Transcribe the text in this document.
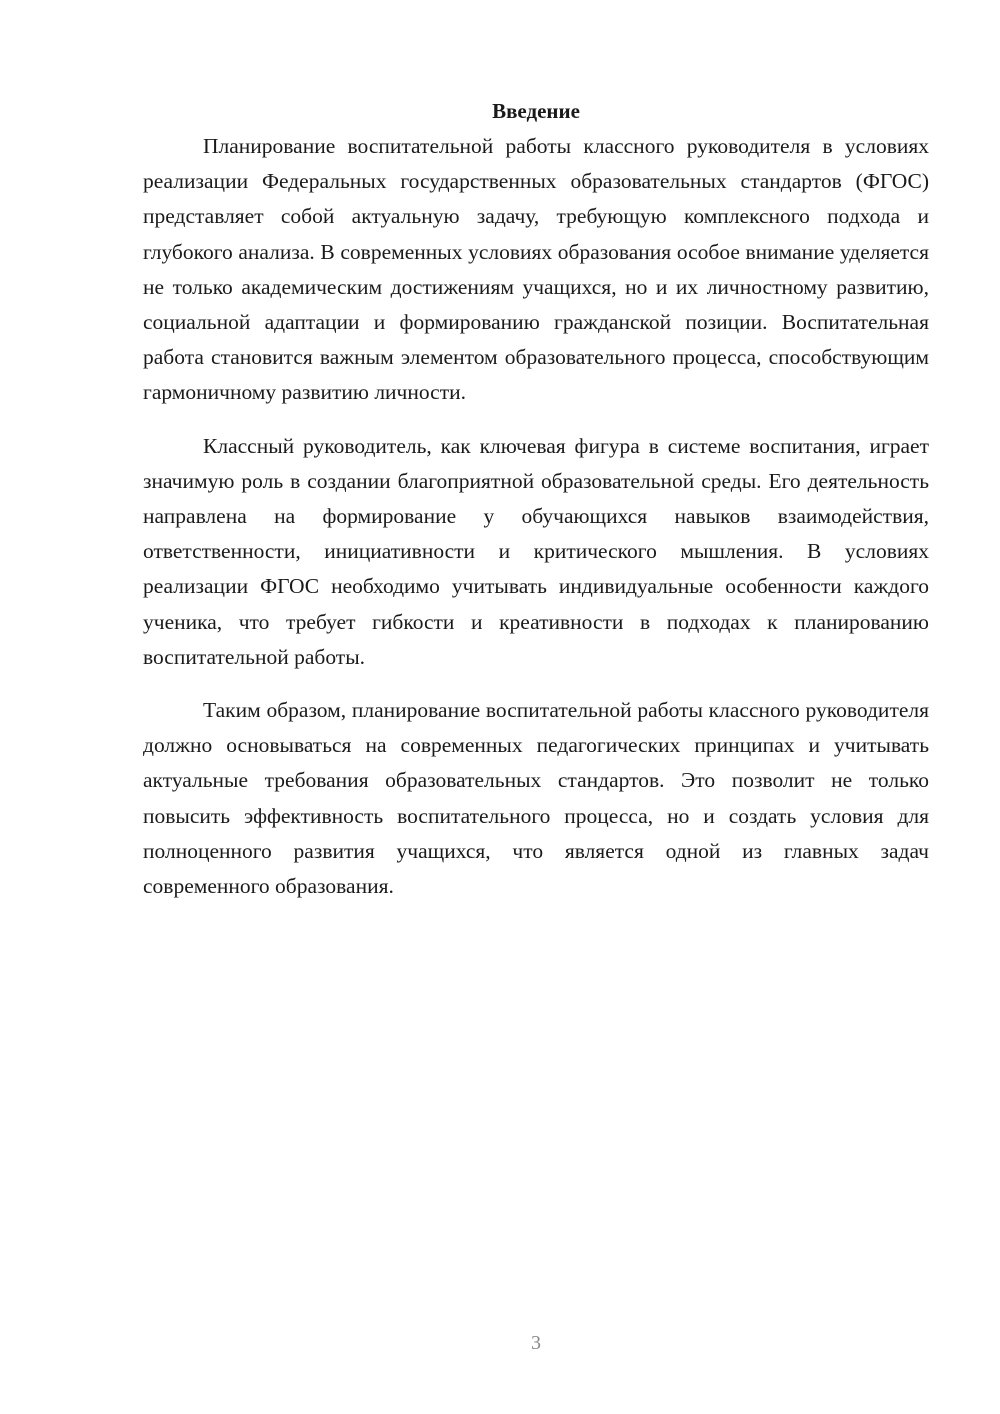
Введение

Планирование воспитательной работы классного руководителя в условиях реализации Федеральных государственных образовательных стандартов (ФГОС) представляет собой актуальную задачу, требующую комплексного подхода и глубокого анализа. В современных условиях образования особое внимание уделяется не только академическим достижениям учащихся, но и их личностному развитию, социальной адаптации и формированию гражданской позиции. Воспитательная работа становится важным элементом образовательного процесса, способствующим гармоничному развитию личности.

Классный руководитель, как ключевая фигура в системе воспитания, играет значимую роль в создании благоприятной образовательной среды. Его деятельность направлена на формирование у обучающихся навыков взаимодействия, ответственности, инициативности и критического мышления. В условиях реализации ФГОС необходимо учитывать индивидуальные особенности каждого ученика, что требует гибкости и креативности в подходах к планированию воспитательной работы.

Таким образом, планирование воспитательной работы классного руководителя должно основываться на современных педагогических принципах и учитывать актуальные требования образовательных стандартов. Это позволит не только повысить эффективность воспитательного процесса, но и создать условия для полноценного развития учащихся, что является одной из главных задач современного образования.

3
